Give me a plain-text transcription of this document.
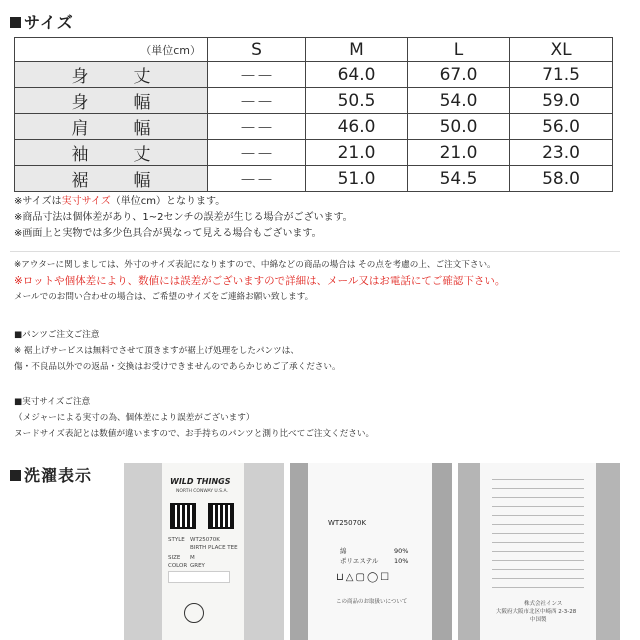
サイズ
（単位cm）	S	M	L	XL
身 丈	－－	64.0	67.0	71.5
身 幅	－－	50.5	54.0	59.0
肩 幅	－－	46.0	50.0	56.0
袖 丈	－－	21.0	21.0	23.0
裾 幅	－－	51.0	54.5	58.0

※サイズは実寸サイズ（単位cm）となります。

※商品寸法は個体差があり、1~2センチの誤差が生じる場合がございます。

※画面上と実物では多少色具合が異なって見える場合もございます。

※アウターに関しましては、外寸のサイズ表記になりますので、中綿などの商品の場合は その点を考慮の上、ご注文下さい。

※ロットや個体差により、数値には誤差がございますので詳細は、メール又はお電話にてご確認下さい。

メールでのお問い合わせの場合は、ご希望のサイズをご連絡お願い致します。

■パンツご注文ご注意

※ 裾上げサービスは無料でさせて頂きますが裾上げ処理をしたパンツは、

傷・不良品以外での返品・交換はお受けできませんのであらかじめご了承ください。

■実寸サイズご注意

（メジャーによる実寸の為、個体差により誤差がございます）

ヌードサイズ表記とは数値が違いますので、お手持ちのパンツと測り比べてご注文ください。

洗濯表示	WILD THINGS
NORTH CONWAY U.S.A.
STYLE WT25070K
BIRTH PLACE TEE
SIZE M
COLOR GREY
WT25070K
綿	90%
ポリエステル 10%
⊔△▢◯☐
この商品のお取扱いについて	株式会社インス
大阪府大阪市北区中崎西 2-3-28
中国製
